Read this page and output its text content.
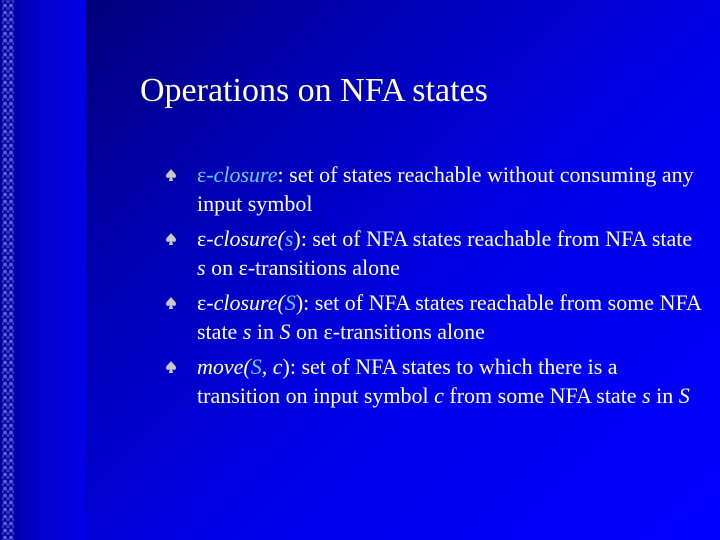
Operations on NFA states
ε-closure: set of states reachable without consuming any input symbol
ε-closure(s): set of NFA states reachable from NFA state s on ε-transitions alone
ε-closure(S): set of NFA states reachable from some NFA state s in S on ε-transitions alone
move(S, c): set of NFA states to which there is a transition on input symbol c from some NFA state s in S
